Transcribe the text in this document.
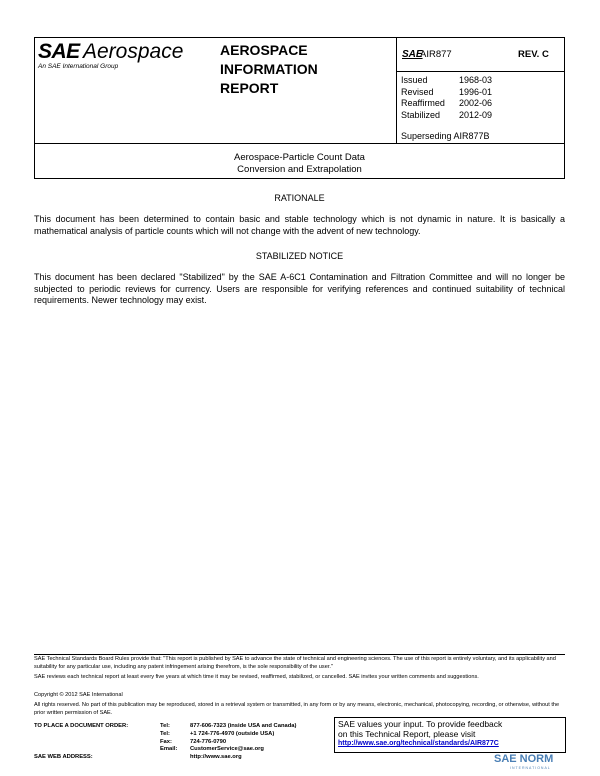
SAE Aerospace
An SAE International Group
AEROSPACE
INFORMATION
REPORT
SAE
AIR877	REV. C
Issued	1968-03
Revised	1996-01
Reaffirmed	2002-06
Stabilized	2012-09
Superseding AIR877B
Aerospace-Particle Count Data
Conversion and Extrapolation
RATIONALE
This document has been determined to contain basic and stable technology which is not dynamic in nature. It is basically a mathematical analysis of particle counts which will not change with the advent of new technology.
STABILIZED NOTICE
This document has been declared "Stabilized" by the SAE A-6C1 Contamination and Filtration Committee and will no longer be subjected to periodic reviews for currency. Users are responsible for verifying references and continued suitability of technical requirements. Newer technology may exist.
SAE Technical Standards Board Rules provide that: "This report is published by SAE to advance the state of technical and engineering sciences. The use of this report is entirely voluntary, and its applicability and suitability for any particular use, including any patent infringement arising therefrom, is the sole responsibility of the user."
SAE reviews each technical report at least every five years at which time it may be revised, reaffirmed, stabilized, or cancelled. SAE invites your written comments and suggestions.
Copyright © 2012 SAE International
All rights reserved. No part of this publication may be reproduced, stored in a retrieval system or transmitted, in any form or by any means, electronic, mechanical, photocopying, recording, or otherwise, without the prior written permission of SAE.
TO PLACE A DOCUMENT ORDER:	Tel:	877-606-7323 (inside USA and Canada)
Tel:	+1 724-776-4970 (outside USA)
Fax:	724-776-0790
Email:	CustomerService@sae.org
SAE WEB ADDRESS:	http://www.sae.org
SAE values your input. To provide feedback
on this Technical Report, please visit
http://www.sae.org/technical/standards/AIR877C
SAE NORM
INTERNATIONAL
